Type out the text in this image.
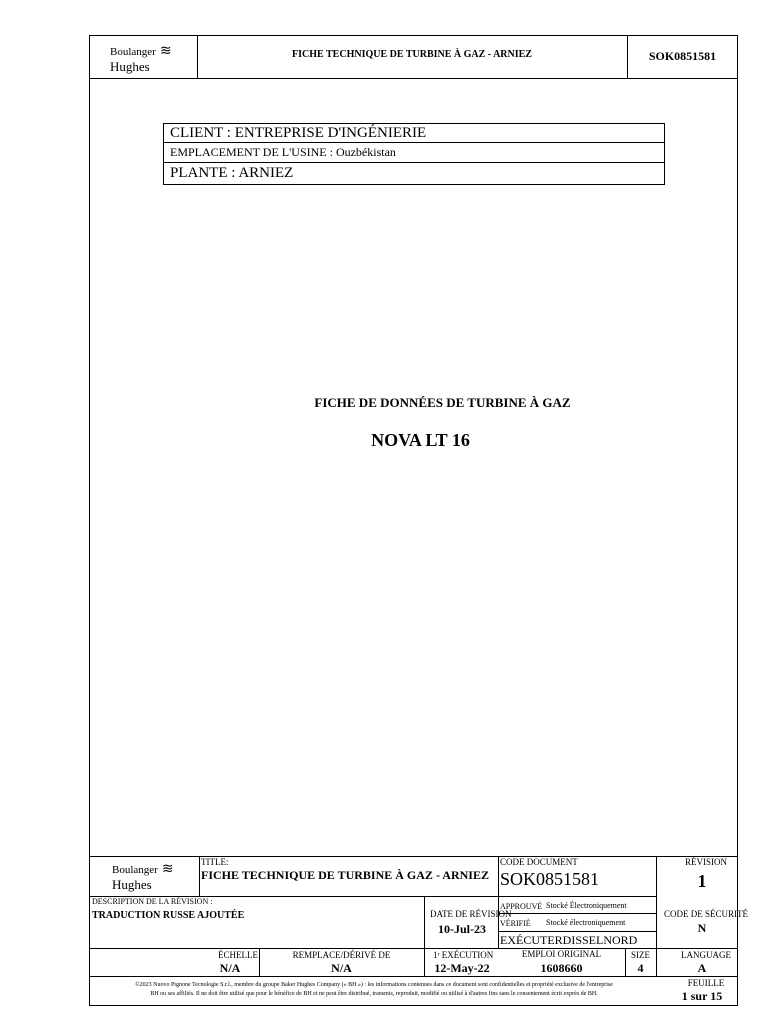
Boulanger ≋
Hughes
FICHE TECHNIQUE DE TURBINE À GAZ - ARNIEZ	SOK0851581
CLIENT : ENTREPRISE D'INGÉNIERIE
EMPLACEMENT DE L'USINE : Ouzbékistan
PLANTE : ARNIEZ
FICHE DE DONNÉES DE TURBINE À GAZ
NOVA LT 16
Boulanger ≋
Hughes
TITLE:
FICHE TECHNIQUE DE TURBINE À GAZ - ARNIEZ
CODE DOCUMENT
SOK0851581
RÉVISION
1
DESCRIPTION DE LA RÉVISION :
TRADUCTION RUSSE AJOUTÉE	DATE DE RÉVISION
10-Jul-23
APPROUVÉ Stocké Électroniquement
VÉRIFIÉ Stocké électroniquement
EXÉCUTERDISSELNORD
CODE DE SÉCURITÉ
N
ÉCHELLE
N/A
REMPLACE/DÉRIVÉ DE
N/A
1ʳ EXÉCUTION
12-May-22
EMPLOI ORIGINAL
1608660
SIZE
4
LANGUAGE
A
©2023 Nuovo Pignone Tecnologie S.r.l., membre du groupe Baker Hughes Company (« BH ») : les informations contenues dans ce document sont confidentielles et propriété exclusive de l'entreprise
BH ou ses affiliés. Il ne doit être utilisé que pour le bénéfice de BH et ne peut être distribué, transmis, reproduit, modifié ou utilisé à d'autres fins sans le consentement écrit exprès de BH.
FEUILLE
1 sur 15
